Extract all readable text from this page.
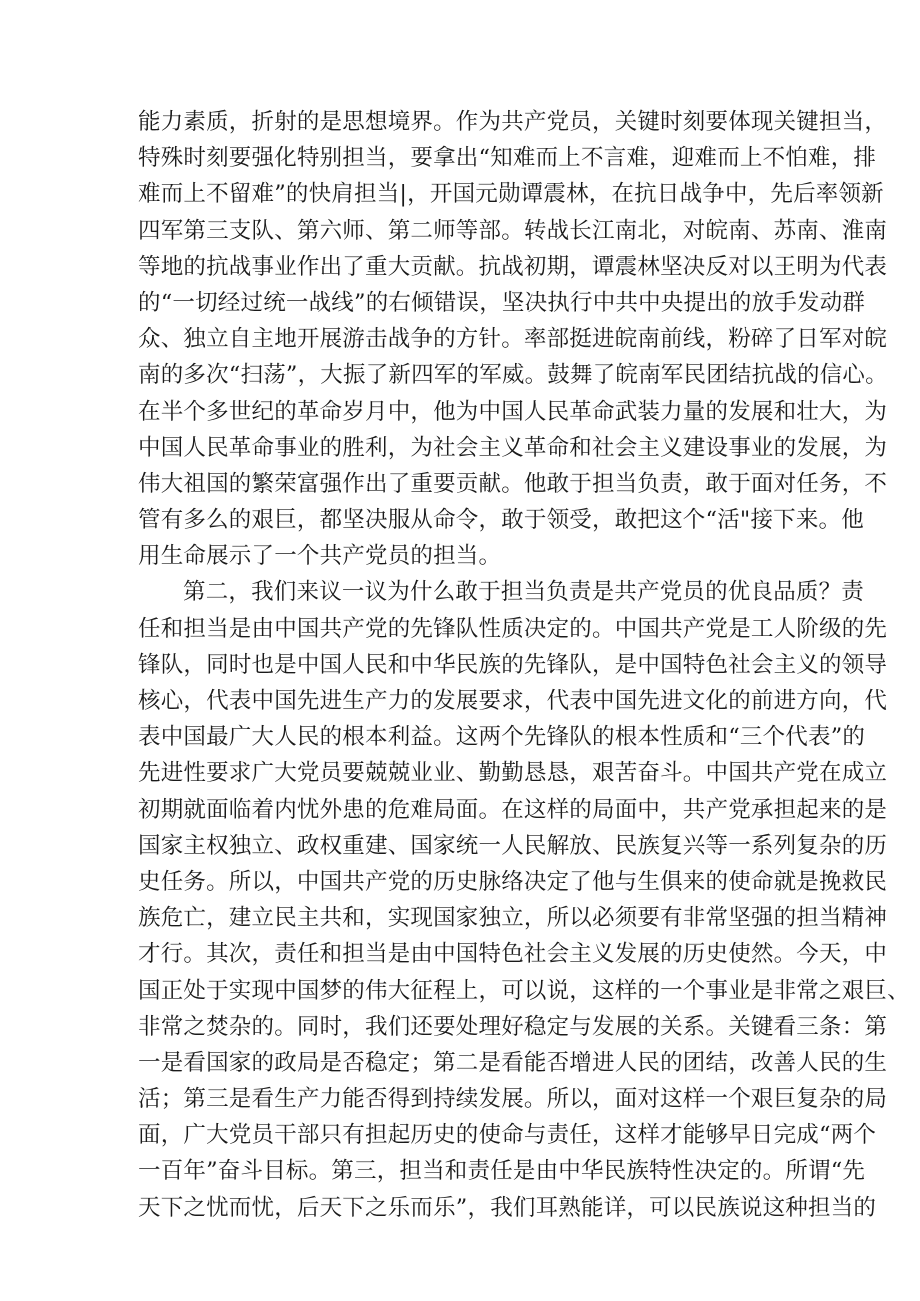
能力素质，折射的是思想境界。作为共产党员，关键时刻要体现关键担当，
特殊时刻要强化特别担当，要拿出“知难而上不言难，迎难而上不怕难，排
难而上不留难”的快肩担当|，开国元勋谭震林，在抗日战争中，先后率领新
四军第三支队、第六师、第二师等部。转战长江南北，对皖南、苏南、淮南
等地的抗战事业作出了重大贡献。抗战初期，谭震林坚决反对以王明为代表
的“一切经过统一战线”的右倾错误，坚决执行中共中央提出的放手发动群
众、独立自主地开展游击战争的方针。率部挺进皖南前线，粉碎了日军对皖
南的多次“扫荡”，大振了新四军的军威。鼓舞了皖南军民团结抗战的信心。
在半个多世纪的革命岁月中，他为中国人民革命武装力量的发展和壮大，为
中国人民革命事业的胜利，为社会主义革命和社会主义建设事业的发展，为
伟大祖国的繁荣富强作出了重要贡献。他敢于担当负责，敢于面对任务，不
管有多么的艰巨，都坚决服从命令，敢于领受，敢把这个“活"接下来。他
用生命展示了一个共产党员的担当。
第二，我们来议一议为什么敢于担当负责是共产党员的优良品质？责
任和担当是由中国共产党的先锋队性质决定的。中国共产党是工人阶级的先
锋队，同时也是中国人民和中华民族的先锋队，是中国特色社会主义的领导
核心，代表中国先进生产力的发展要求，代表中国先进文化的前进方向，代
表中国最广大人民的根本利益。这两个先锋队的根本性质和“三个代表”的
先进性要求广大党员要兢兢业业、勤勤恳恳，艰苦奋斗。中国共产党在成立
初期就面临着内忧外患的危难局面。在这样的局面中，共产党承担起来的是
国家主权独立、政权重建、国家统一人民解放、民族复兴等一系列复杂的历
史任务。所以，中国共产党的历史脉络决定了他与生俱来的使命就是挽救民
族危亡，建立民主共和，实现国家独立，所以必须要有非常坚强的担当精神
才行。其次，责任和担当是由中国特色社会主义发展的历史使然。今天，中
国正处于实现中国梦的伟大征程上，可以说，这样的一个事业是非常之艰巨、
非常之焚杂的。同时，我们还要处理好稳定与发展的关系。关键看三条：第
一是看国家的政局是否稳定；第二是看能否增进人民的团结，改善人民的生
活；第三是看生产力能否得到持续发展。所以，面对这样一个艰巨复杂的局
面，广大党员干部只有担起历史的使命与责任，这样才能够早日完成“两个
一百年”奋斗目标。第三，担当和责任是由中华民族特性决定的。所谓“先
天下之忧而忧，后天下之乐而乐”，我们耳熟能详，可以民族说这种担当的
